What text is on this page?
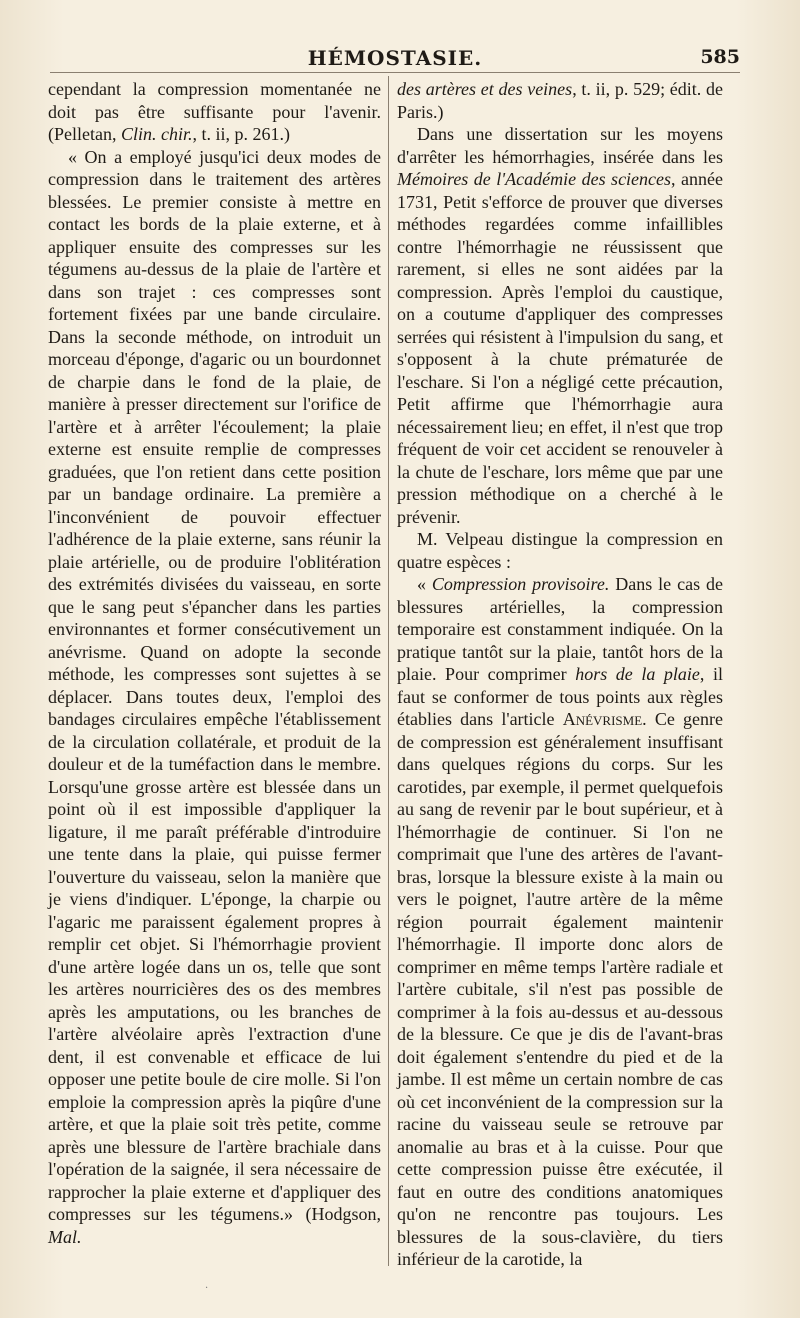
HÉMOSTASIE.	585

cependant la compression momentanée ne doit pas être suffisante pour l'avenir. (Pelletan, Clin. chir., t. ii, p. 261.)

« On a employé jusqu'ici deux modes de compression dans le traitement des artères blessées. Le premier consiste à mettre en contact les bords de la plaie externe, et à appliquer ensuite des compresses sur les tégumens au-dessus de la plaie de l'artère et dans son trajet : ces compresses sont fortement fixées par une bande circulaire. Dans la seconde méthode, on introduit un morceau d'éponge, d'agaric ou un bourdonnet de charpie dans le fond de la plaie, de manière à presser directement sur l'orifice de l'artère et à arrêter l'écoulement; la plaie externe est ensuite remplie de compresses graduées, que l'on retient dans cette position par un bandage ordinaire. La première a l'inconvénient de pouvoir effectuer l'adhérence de la plaie externe, sans réunir la plaie artérielle, ou de produire l'oblitération des extrémités divisées du vaisseau, en sorte que le sang peut s'épancher dans les parties environnantes et former consécutivement un anévrisme. Quand on adopte la seconde méthode, les compresses sont sujettes à se déplacer. Dans toutes deux, l'emploi des bandages circulaires empêche l'établissement de la circulation collatérale, et produit de la douleur et de la tuméfaction dans le membre. Lorsqu'une grosse artère est blessée dans un point où il est impossible d'appliquer la ligature, il me paraît préférable d'introduire une tente dans la plaie, qui puisse fermer l'ouverture du vaisseau, selon la manière que je viens d'indiquer. L'éponge, la charpie ou l'agaric me paraissent également propres à remplir cet objet. Si l'hémorrhagie provient d'une artère logée dans un os, telle que sont les artères nourricières des os des membres après les amputations, ou les branches de l'artère alvéolaire après l'extraction d'une dent, il est convenable et efficace de lui opposer une petite boule de cire molle. Si l'on emploie la compression après la piqûre d'une artère, et que la plaie soit très petite, comme après une blessure de l'artère brachiale dans l'opération de la saignée, il sera nécessaire de rapprocher la plaie externe et d'appliquer des compresses sur les tégumens.» (Hodgson, Mal.

des artères et des veines, t. ii, p. 529; édit. de Paris.)

Dans une dissertation sur les moyens d'arrêter les hémorrhagies, insérée dans les Mémoires de l'Académie des sciences, année 1731, Petit s'efforce de prouver que diverses méthodes regardées comme infaillibles contre l'hémorrhagie ne réussissent que rarement, si elles ne sont aidées par la compression. Après l'emploi du caustique, on a coutume d'appliquer des compresses serrées qui résistent à l'impulsion du sang, et s'opposent à la chute prématurée de l'eschare. Si l'on a négligé cette précaution, Petit affirme que l'hémorrhagie aura nécessairement lieu; en effet, il n'est que trop fréquent de voir cet accident se renouveler à la chute de l'eschare, lors même que par une pression méthodique on a cherché à le prévenir.

M. Velpeau distingue la compression en quatre espèces :

« Compression provisoire. Dans le cas de blessures artérielles, la compression temporaire est constamment indiquée. On la pratique tantôt sur la plaie, tantôt hors de la plaie. Pour comprimer hors de la plaie, il faut se conformer de tous points aux règles établies dans l'article Anévrisme. Ce genre de compression est généralement insuffisant dans quelques régions du corps. Sur les carotides, par exemple, il permet quelquefois au sang de revenir par le bout supérieur, et à l'hémorrhagie de continuer. Si l'on ne comprimait que l'une des artères de l'avant-bras, lorsque la blessure existe à la main ou vers le poignet, l'autre artère de la même région pourrait également maintenir l'hémorrhagie. Il importe donc alors de comprimer en même temps l'artère radiale et l'artère cubitale, s'il n'est pas possible de comprimer à la fois au-dessus et au-dessous de la blessure. Ce que je dis de l'avant-bras doit également s'entendre du pied et de la jambe. Il est même un certain nombre de cas où cet inconvénient de la compression sur la racine du vaisseau seule se retrouve par anomalie au bras et à la cuisse. Pour que cette compression puisse être exécutée, il faut en outre des conditions anatomiques qu'on ne rencontre pas toujours. Les blessures de la sous-clavière, du tiers inférieur de la carotide, la

.
